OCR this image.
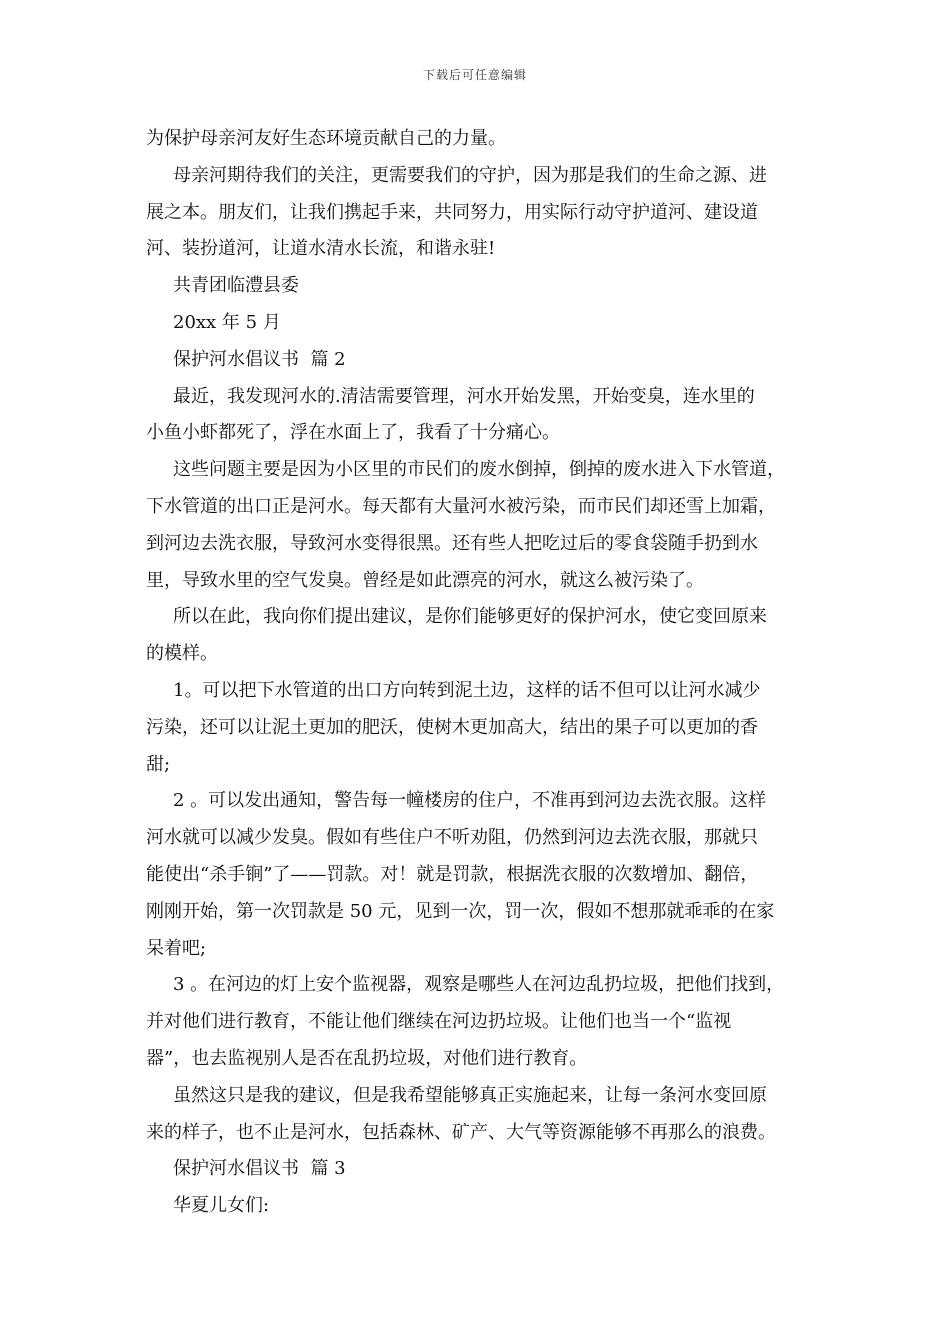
下载后可任意编辑
为保护母亲河友好生态环境贡献自己的力量。
母亲河期待我们的关注，更需要我们的守护，因为那是我们的生命之源、进
展之本。朋友们，让我们携起手来，共同努力，用实际行动守护道河、建设道
河、装扮道河，让道水清水长流，和谐永驻!
共青团临澧县委
20xx 年 5 月
保护河水倡议书  篇 2
最近，我发现河水的.清洁需要管理，河水开始发黑，开始变臭，连水里的
小鱼小虾都死了，浮在水面上了，我看了十分痛心。
这些问题主要是因为小区里的市民们的废水倒掉，倒掉的废水进入下水管道，
下水管道的出口正是河水。每天都有大量河水被污染，而市民们却还雪上加霜，
到河边去洗衣服，导致河水变得很黑。还有些人把吃过后的零食袋随手扔到水
里，导致水里的空气发臭。曾经是如此漂亮的河水，就这么被污染了。
所以在此，我向你们提出建议，是你们能够更好的保护河水，使它变回原来
的模样。
1。可以把下水管道的出口方向转到泥土边，这样的话不但可以让河水减少
污染，还可以让泥土更加的肥沃，使树木更加高大，结出的果子可以更加的香
甜;
2 。可以发出通知，警告每一幢楼房的住户，不准再到河边去洗衣服。这样
河水就可以减少发臭。假如有些住户不听劝阻，仍然到河边去洗衣服，那就只
能使出“杀手锏”了——罚款。对！就是罚款，根据洗衣服的次数增加、翻倍，
刚刚开始，第一次罚款是 50 元，见到一次，罚一次，假如不想那就乖乖的在家
呆着吧;
3 。在河边的灯上安个监视器，观察是哪些人在河边乱扔垃圾，把他们找到，
并对他们进行教育，不能让他们继续在河边扔垃圾。让他们也当一个“监视
器”，也去监视别人是否在乱扔垃圾，对他们进行教育。
虽然这只是我的建议，但是我希望能够真正实施起来，让每一条河水变回原
来的样子，也不止是河水，包括森林、矿产、大气等资源能够不再那么的浪费。
保护河水倡议书  篇 3
华夏儿女们:
